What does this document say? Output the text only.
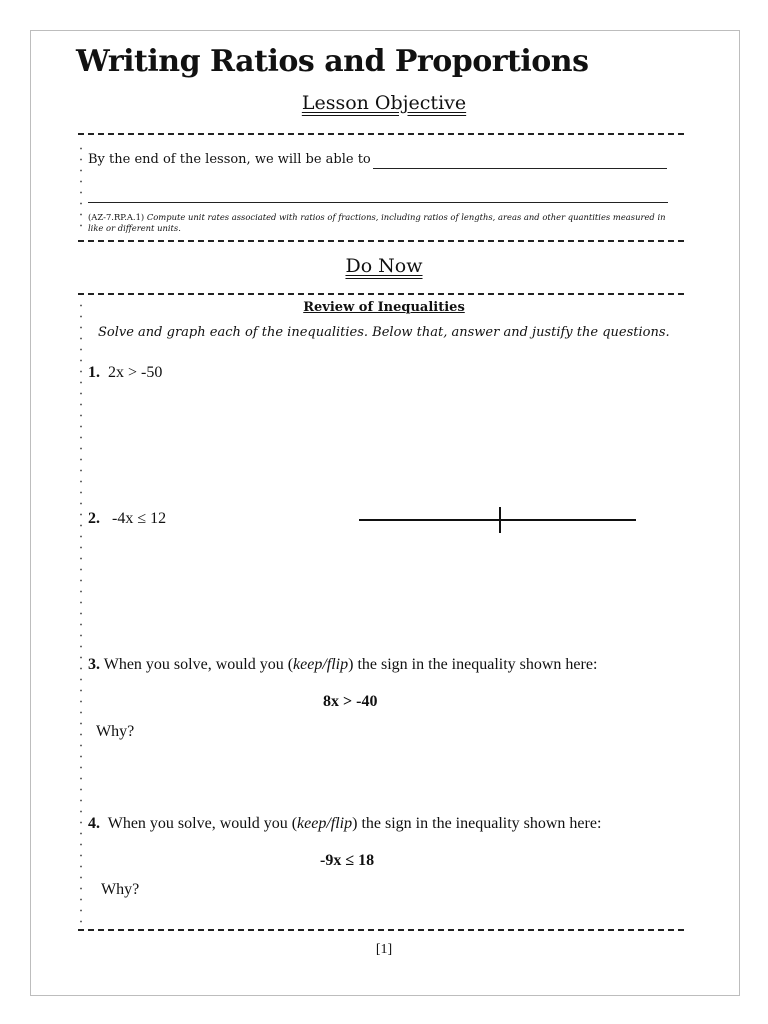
Writing Ratios and Proportions
Lesson Objective
By the end of the lesson, we will be able to
(AZ-7.RP.A.1) Compute unit rates associated with ratios of fractions, including ratios of lengths, areas and other quantities measured in like or different units.
Do Now
Review of Inequalities
Solve and graph each of the inequalities. Below that, answer and justify the questions.
1. 2x > -50
2. -4x ≤ 12
3. When you solve, would you (keep/flip) the sign in the inequality shown here:
8x > -40
Why?
4. When you solve, would you (keep/flip) the sign in the inequality shown here:
-9x ≤ 18
Why?
[1]
